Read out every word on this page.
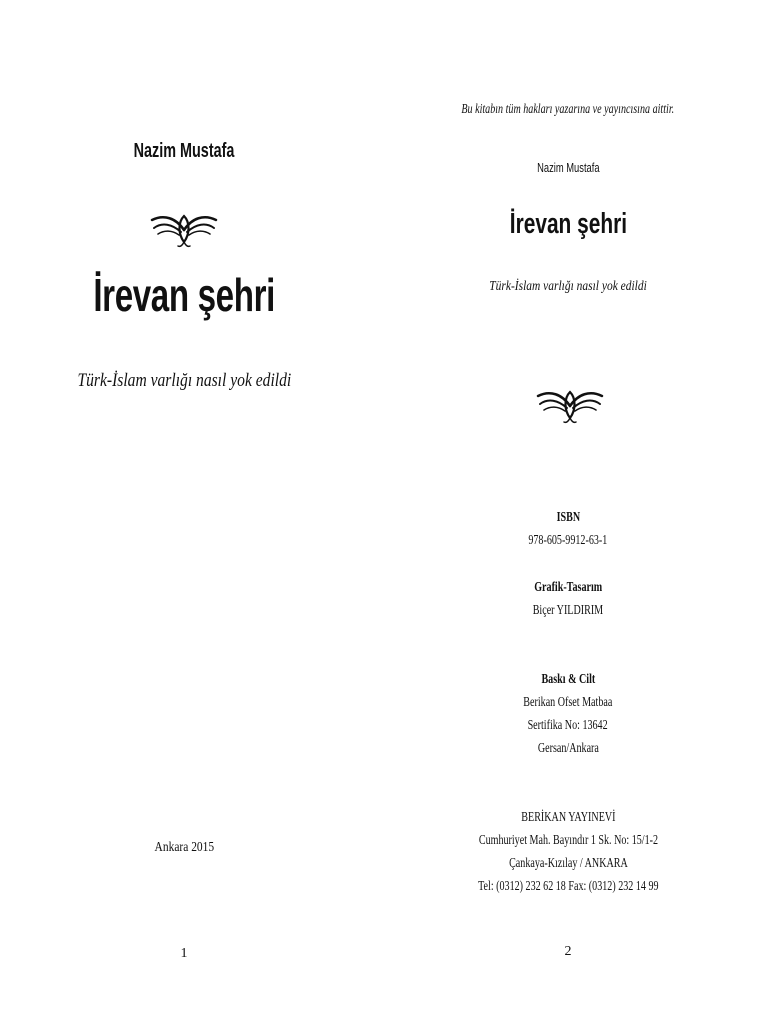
Nazim Mustafa
İrevan şehri
Türk-İslam varlığı nasıl yok edildi
Ankara 2015
1
Bu kitabın tüm hakları yazarına ve yayıncısına aittir.
Nazim Mustafa
İrevan şehri
Türk-İslam varlığı nasıl yok edildi
ISBN
978-605-9912-63-1
Grafik-Tasarım
Biçer YILDIRIM
Baskı & Cilt
Berikan Ofset Matbaa
Sertifika No: 13642
Gersan/Ankara
BERİKAN YAYINEVİ
Cumhuriyet Mah. Bayındır 1 Sk. No: 15/1-2
Çankaya-Kızılay / ANKARA
Tel: (0312) 232 62 18 Fax: (0312) 232 14 99
2
